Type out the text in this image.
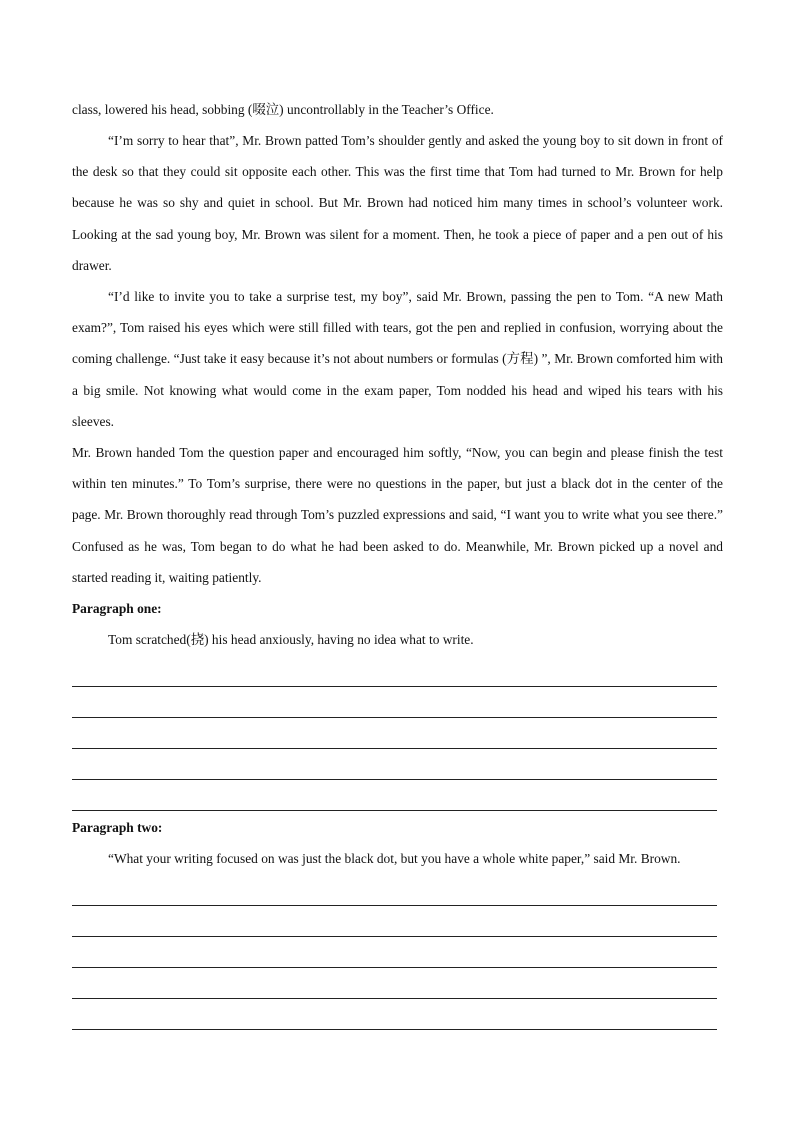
class, lowered his head, sobbing (啜泣) uncontrollably in the Teacher’s Office.

“I’m sorry to hear that”, Mr. Brown patted Tom’s shoulder gently and asked the young boy to sit down in front of the desk so that they could sit opposite each other. This was the first time that Tom had turned to Mr. Brown for help because he was so shy and quiet in school. But Mr. Brown had noticed him many times in school’s volunteer work. Looking at the sad young boy, Mr. Brown was silent for a moment. Then, he took a piece of paper and a pen out of his drawer.

“I’d like to invite you to take a surprise test, my boy”, said Mr. Brown, passing the pen to Tom. “A new Math exam?”, Tom raised his eyes which were still filled with tears, got the pen and replied in confusion, worrying about the coming challenge. “Just take it easy because it’s not about numbers or formulas (方程) ”, Mr. Brown comforted him with a big smile. Not knowing what would come in the exam paper, Tom nodded his head and wiped his tears with his sleeves.

Mr. Brown handed Tom the question paper and encouraged him softly, “Now, you can begin and please finish the test within ten minutes.” To Tom’s surprise, there were no questions in the paper, but just a black dot in the center of the page. Mr. Brown thoroughly read through Tom’s puzzled expressions and said, “I want you to write what you see there.” Confused as he was, Tom began to do what he had been asked to do. Meanwhile, Mr. Brown picked up a novel and started reading it, waiting patiently.

Paragraph one:

Tom scratched(挠) his head anxiously, having no idea what to write.

Paragraph two:

“What your writing focused on was just the black dot, but you have a whole white paper,” said Mr. Brown.
